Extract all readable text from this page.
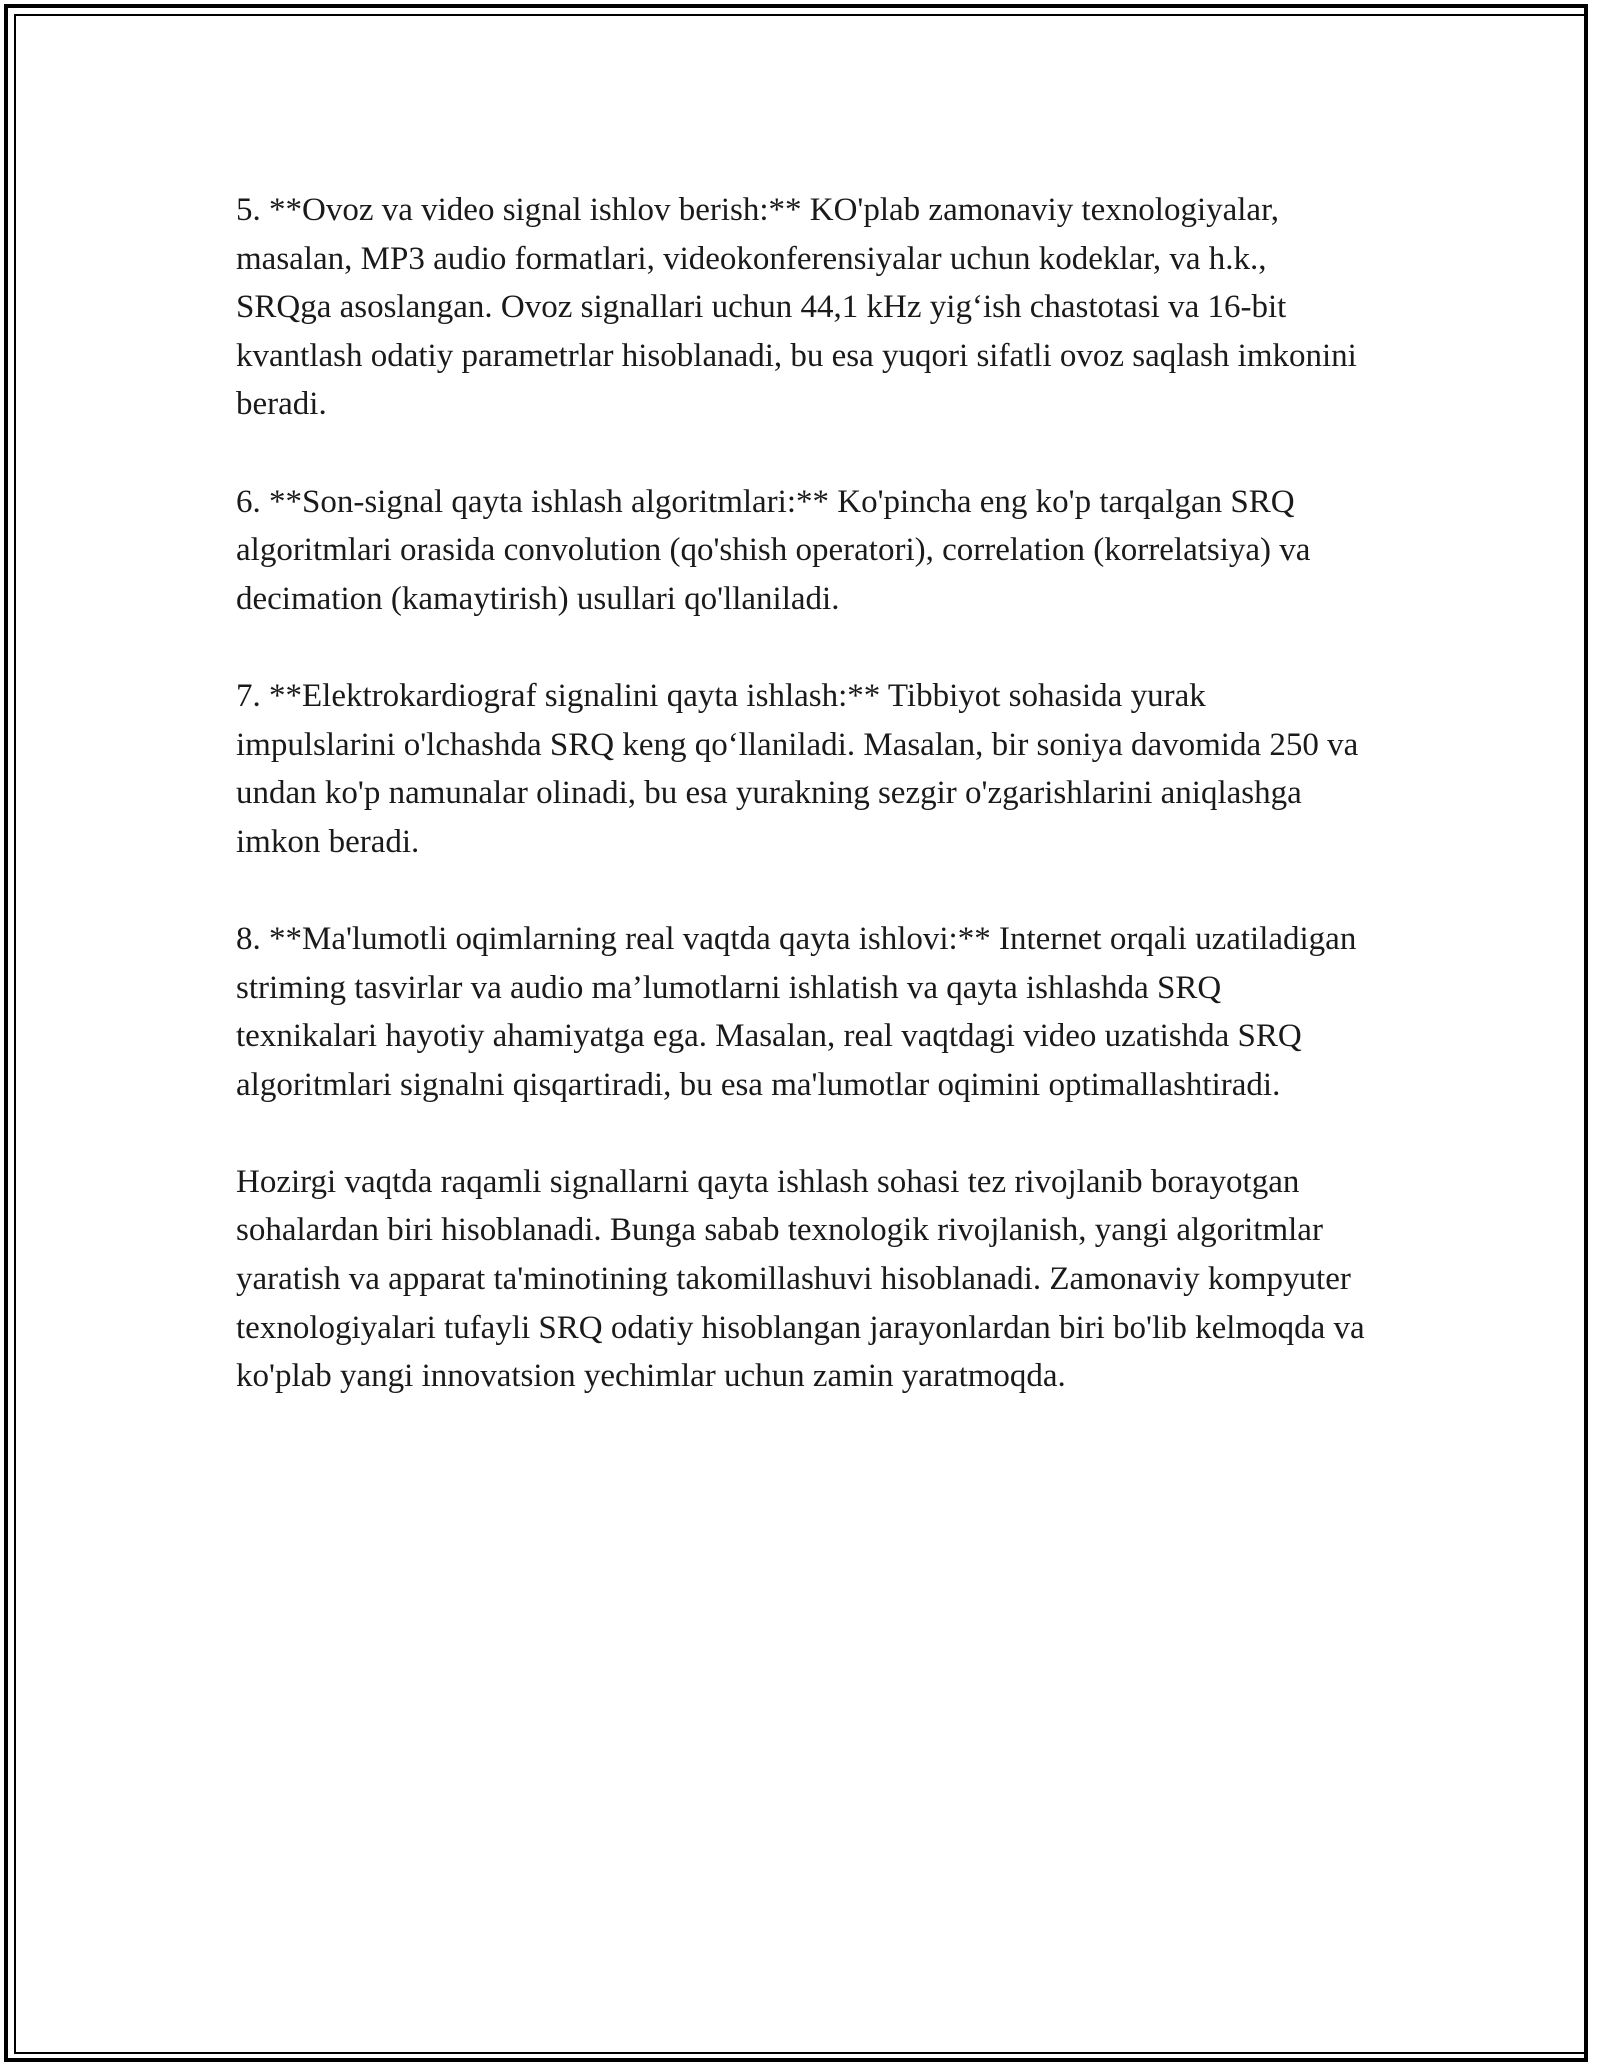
5. **Ovoz va video signal ishlov berish:** KO'plab zamonaviy texnologiyalar, masalan, MP3 audio formatlari, videokonferensiyalar uchun kodeklar, va h.k., SRQga asoslangan. Ovoz signallari uchun 44,1 kHz yig‘ish chastotasi va 16-bit kvantlash odatiy parametrlar hisoblanadi, bu esa yuqori sifatli ovoz saqlash imkonini beradi.

6. **Son-signal qayta ishlash algoritmlari:** Ko'pincha eng ko'p tarqalgan SRQ algoritmlari orasida convolution (qo'shish operatori), correlation (korrelatsiya) va decimation (kamaytirish) usullari qo'llaniladi.

7. **Elektrokardiograf signalini qayta ishlash:** Tibbiyot sohasida yurak impulslarini o'lchashda SRQ keng qo‘llaniladi. Masalan, bir soniya davomida 250 va undan ko'p namunalar olinadi, bu esa yurakning sezgir o'zgarishlarini aniqlashga imkon beradi.

8. **Ma'lumotli oqimlarning real vaqtda qayta ishlovi:** Internet orqali uzatiladigan striming tasvirlar va audio ma’lumotlarni ishlatish va qayta ishlashda SRQ texnikalari hayotiy ahamiyatga ega. Masalan, real vaqtdagi video uzatishda SRQ algoritmlari signalni qisqartiradi, bu esa ma'lumotlar oqimini optimallashtiradi.

Hozirgi vaqtda raqamli signallarni qayta ishlash sohasi tez rivojlanib borayotgan sohalardan biri hisoblanadi. Bunga sabab texnologik rivojlanish, yangi algoritmlar yaratish va apparat ta'minotining takomillashuvi hisoblanadi. Zamonaviy kompyuter texnologiyalari tufayli SRQ odatiy hisoblangan jarayonlardan biri bo'lib kelmoqda va ko'plab yangi innovatsion yechimlar uchun zamin yaratmoqda.
